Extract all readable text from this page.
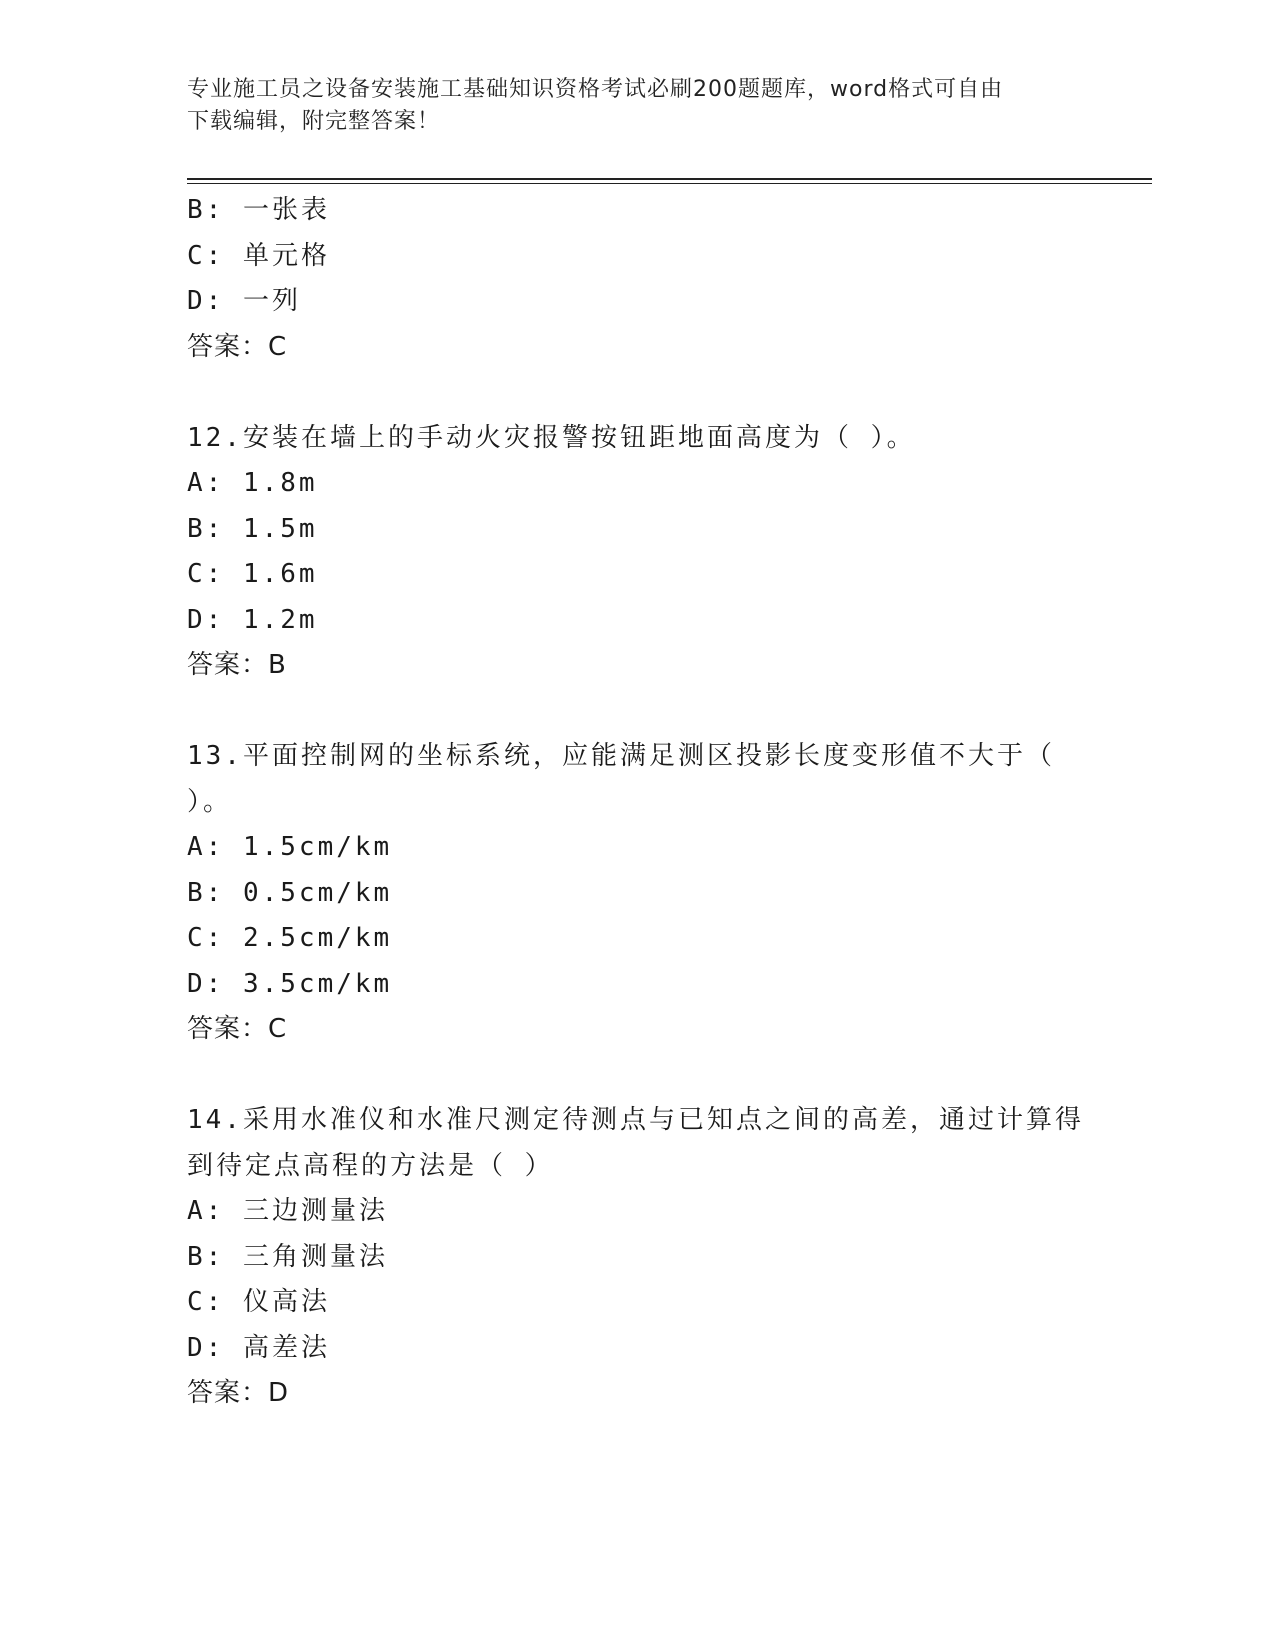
专业施工员之设备安装施工基础知识资格考试必刷200题题库，word格式可自由

下载编辑，附完整答案！

B: 一张表
C: 单元格
D: 一列
答案：C
12.安装在墙上的手动火灾报警按钮距地面高度为（ ）。
A: 1.8m
B: 1.5m
C: 1.6m
D: 1.2m
答案：B
13.平面控制网的坐标系统，应能满足测区投影长度变形值不大于（
）。
A: 1.5cm/km
B: 0.5cm/km
C: 2.5cm/km
D: 3.5cm/km
答案：C
14.采用水准仪和水准尺测定待测点与已知点之间的高差，通过计算得
到待定点高程的方法是（ ）
A: 三边测量法
B: 三角测量法
C: 仪高法
D: 高差法
答案：D
